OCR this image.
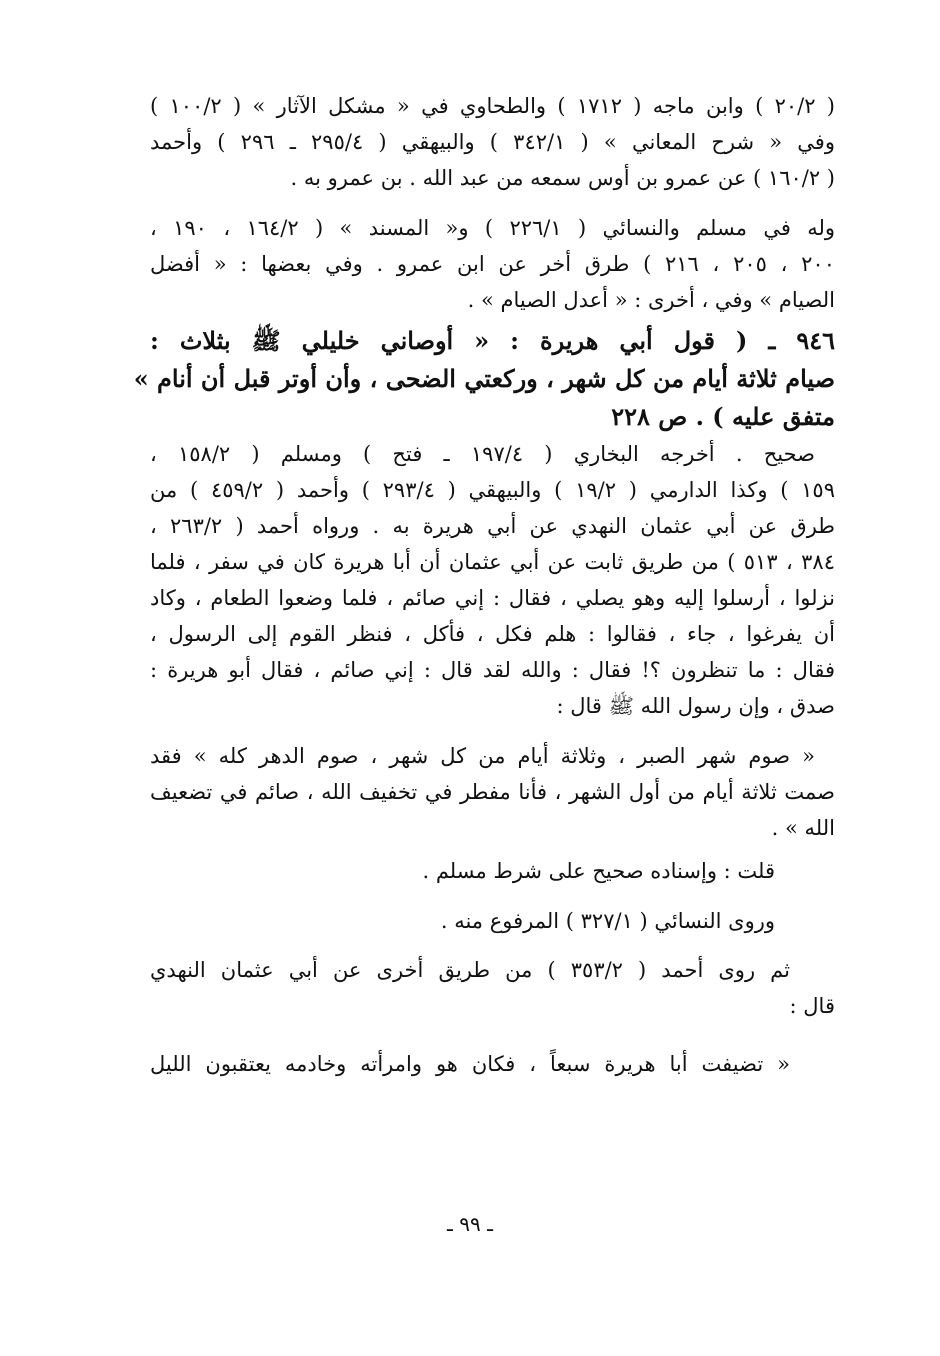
( ٢٠/٢ ) وابن ماجه ( ١٧١٢ ) والطحاوي في « مشكل الآثار » ( ١٠٠/٢ )
وفي « شرح المعاني » ( ٣٤٢/١ ) والبيهقي ( ٢٩٥/٤ ـ ٢٩٦ ) وأحمد
( ١٦٠/٢ ) عن عمرو بن أوس سمعه من عبد الله . بن عمرو به .
وله في مسلم والنسائي ( ٢٢٦/١ ) و« المسند » ( ١٦٤/٢ ، ١٩٠ ،
٢٠٠ ، ٢٠٥ ، ٢١٦ ) طرق أخر عن ابن عمرو . وفي بعضها : « أفضل
الصيام » وفي ، أخرى : « أعدل الصيام » .
٩٤٦ ـ ( قول أبي هريرة : « أوصاني خليلي ﷺ بثلاث :
صيام ثلاثة أيام من كل شهر ، وركعتي الضحى ، وأن أوتر قبل أن أنام »
متفق عليه ) . ص ٢٢٨
صحيح . أخرجه البخاري ( ١٩٧/٤ ـ فتح ) ومسلم ( ١٥٨/٢ ،
١٥٩ ) وكذا الدارمي ( ١٩/٢ ) والبيهقي ( ٢٩٣/٤ ) وأحمد ( ٤٥٩/٢ ) من
طرق عن أبي عثمان النهدي عن أبي هريرة به . ورواه أحمد ( ٢٦٣/٢ ،
٣٨٤ ، ٥١٣ ) من طريق ثابت عن أبي عثمان أن أبا هريرة كان في سفر ، فلما
نزلوا ، أرسلوا إليه وهو يصلي ، فقال : إني صائم ، فلما وضعوا الطعام ، وكاد
أن يفرغوا ، جاء ، فقالوا : هلم فكل ، فأكل ، فنظر القوم إلى الرسول ،
فقال : ما تنظرون ؟! فقال : والله لقد قال : إني صائم ، فقال أبو هريرة :
صدق ، وإن رسول الله ﷺ قال :
« صوم شهر الصبر ، وثلاثة أيام من كل شهر ، صوم الدهر كله » فقد
صمت ثلاثة أيام من أول الشهر ، فأنا مفطر في تخفيف الله ، صائم في تضعيف
الله » .
قلت : وإسناده صحيح على شرط مسلم .
وروى النسائي ( ٣٢٧/١ ) المرفوع منه .
ثم روى أحمد ( ٣٥٣/٢ ) من طريق أخرى عن أبي عثمان النهدي
قال :
« تضيفت أبا هريرة سبعاً ، فكان هو وامرأته وخادمه يعتقبون الليل
ـ ٩٩ ـ
